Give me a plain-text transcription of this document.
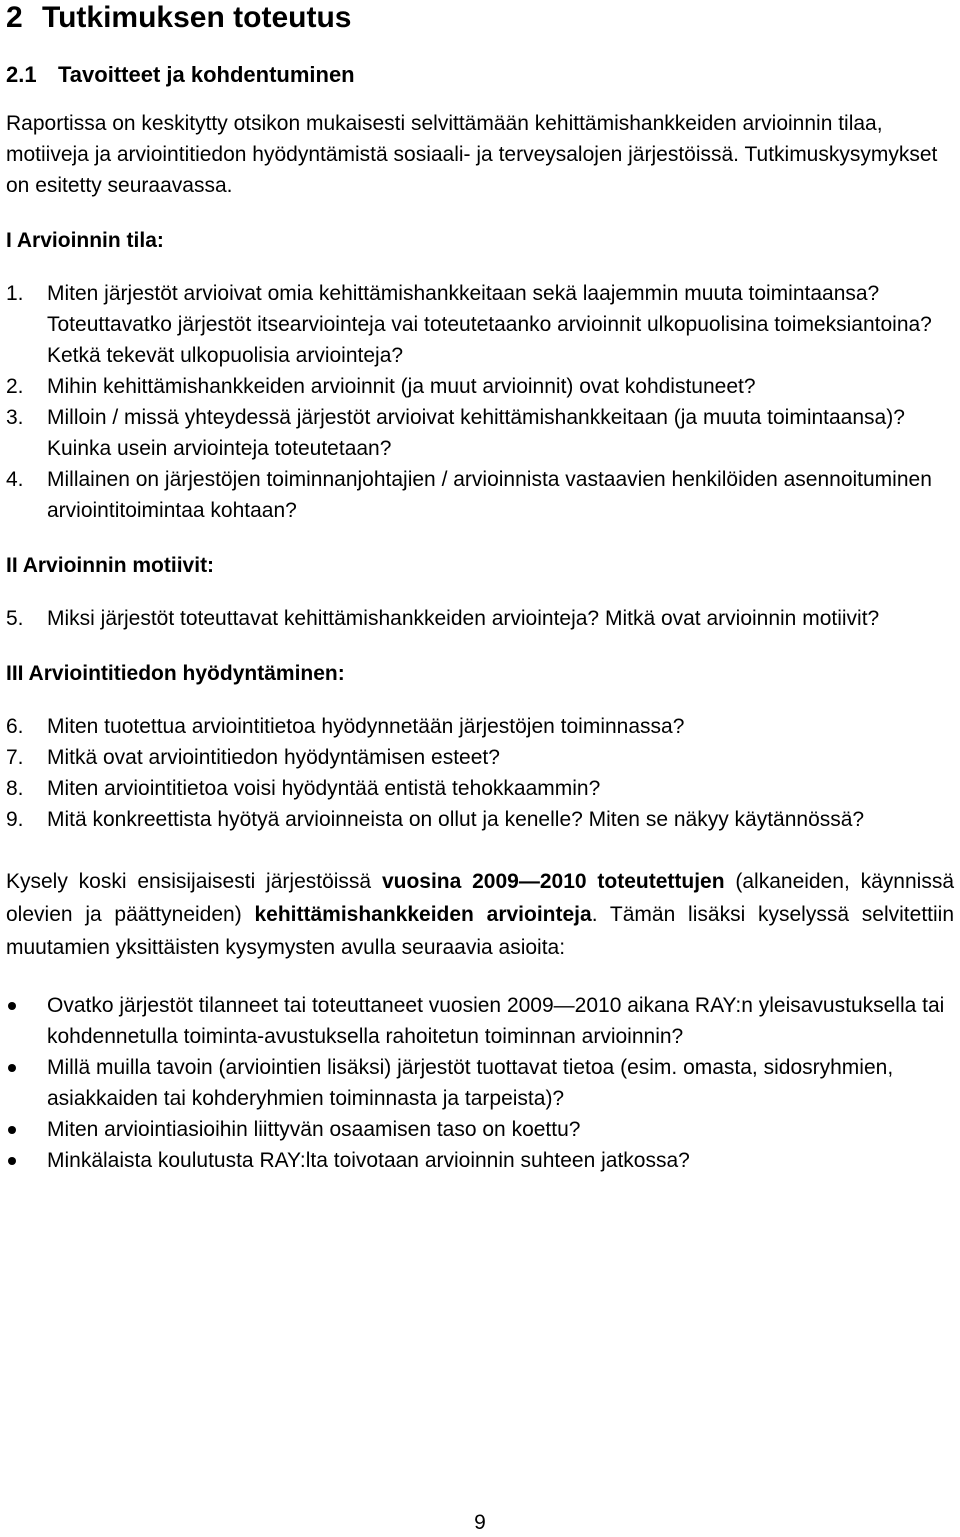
2 Tutkimuksen toteutus
2.1 Tavoitteet ja kohdentuminen

Raportissa on keskitytty otsikon mukaisesti selvittämään kehittämishankkeiden arvioinnin tilaa, motiiveja ja arviointitiedon hyödyntämistä sosiaali- ja terveysalojen järjestöissä. Tutkimuskysymykset on esitetty seuraavassa.

I Arvioinnin tila:
1. Miten järjestöt arvioivat omia kehittämishankkeitaan sekä laajemmin muuta toimintaansa? Toteuttavatko järjestöt itsearviointeja vai toteutetaanko arvioinnit ulkopuolisina toimeksiantoina? Ketkä tekevät ulkopuolisia arviointeja?
2. Mihin kehittämishankkeiden arvioinnit (ja muut arvioinnit) ovat kohdistuneet?
3. Milloin / missä yhteydessä järjestöt arvioivat kehittämishankkeitaan (ja muuta toimintaansa)? Kuinka usein arviointeja toteutetaan?
4. Millainen on järjestöjen toiminnanjohtajien / arvioinnista vastaavien henkilöiden asennoituminen arviointitoimintaa kohtaan?
II Arvioinnin motiivit:
5. Miksi järjestöt toteuttavat kehittämishankkeiden arviointeja? Mitkä ovat arvioinnin motiivit?
III Arviointitiedon hyödyntäminen:
6. Miten tuotettua arviointitietoa hyödynnetään järjestöjen toiminnassa?
7. Mitkä ovat arviointitiedon hyödyntämisen esteet?
8. Miten arviointitietoa voisi hyödyntää entistä tehokkaammin?
9. Mitä konkreettista hyötyä arvioinneista on ollut ja kenelle? Miten se näkyy käytännössä?

Kysely koski ensisijaisesti järjestöissä vuosina 2009—2010 toteutettujen (alkaneiden, käynnissä olevien ja päättyneiden) kehittämishankkeiden arviointeja. Tämän lisäksi kyselyssä selvitettiin muutamien yksittäisten kysymysten avulla seuraavia asioita:

Ovatko järjestöt tilanneet tai toteuttaneet vuosien 2009—2010 aikana RAY:n yleisavustuksella tai kohdennetulla toiminta-avustuksella rahoitetun toiminnan arvioinnin?
Millä muilla tavoin (arviointien lisäksi) järjestöt tuottavat tietoa (esim. omasta, sidosryhmien, asiakkaiden tai kohderyhmien toiminnasta ja tarpeista)?
Miten arviointiasioihin liittyvän osaamisen taso on koettu?
Minkälaista koulutusta RAY:lta toivotaan arvioinnin suhteen jatkossa?
9
